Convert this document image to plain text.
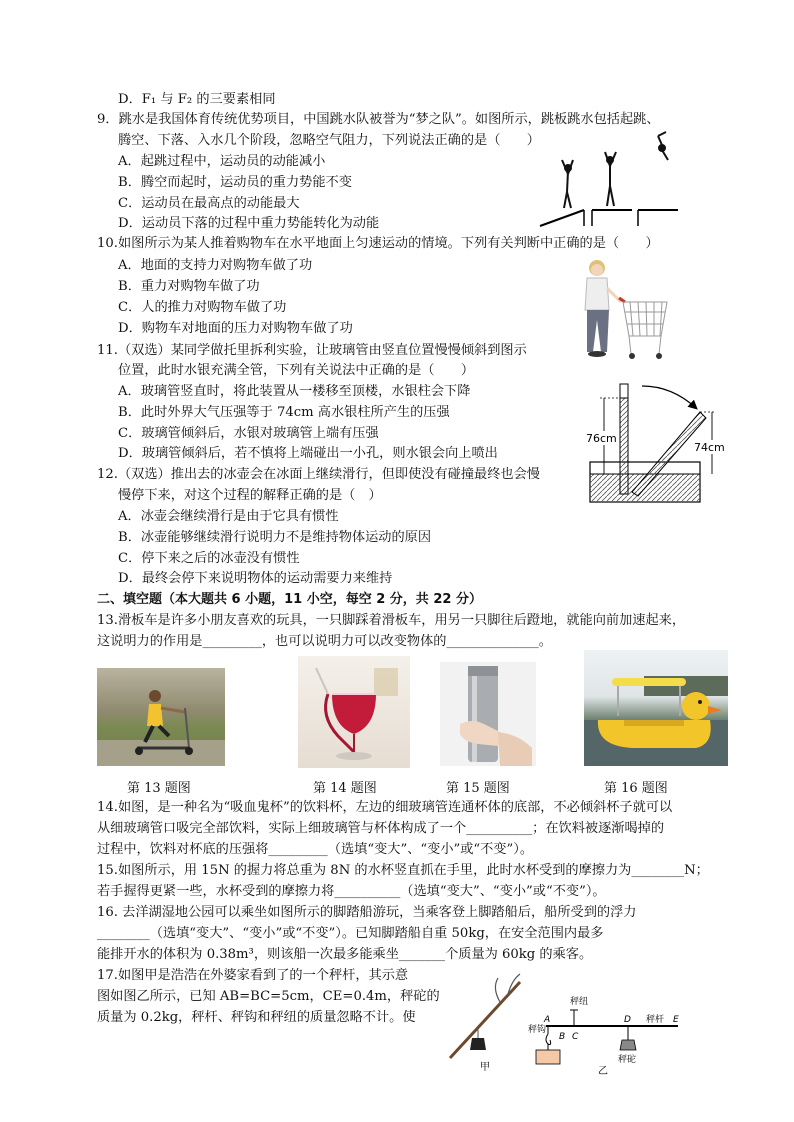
D．F₁ 与 F₂ 的三要素相同
9．跳水是我国体育传统优势项目，中国跳水队被誉为“梦之队”。如图所示，跳板跳水包括起跳、
腾空、下落、入水几个阶段，忽略空气阻力，下列说法正确的是（　　）
A．起跳过程中，运动员的动能减小
B．腾空而起时，运动员的重力势能不变
C．运动员在最高点的动能最大
D．运动员下落的过程中重力势能转化为动能
10.如图所示为某人推着购物车在水平地面上匀速运动的情境。下列有关判断中正确的是（　　）
A．地面的支持力对购物车做了功
B．重力对购物车做了功
C．人的推力对购物车做了功
D．购物车对地面的压力对购物车做了功
11.（双选）某同学做托里拆利实验，让玻璃管由竖直位置慢慢倾斜到图示
位置，此时水银充满全管，下列有关说法中正确的是（　　）
A．玻璃管竖直时，将此装置从一楼移至顶楼，水银柱会下降
B．此时外界大气压强等于 74cm 高水银柱所产生的压强
C．玻璃管倾斜后，水银对玻璃管上端有压强
D．玻璃管倾斜后，若不慎将上端碰出一小孔，则水银会向上喷出
76cm
74cm
12.（双选）推出去的冰壶会在冰面上继续滑行，但即使没有碰撞最终也会慢
慢停下来，对这个过程的解释正确的是（　）
A．冰壶会继续滑行是由于它具有惯性
B．冰壶能够继续滑行说明力不是维持物体运动的原因
C．停下来之后的冰壶没有惯性
D．最终会停下来说明物体的运动需要力来维持
二、填空题（本大题共 6 小题，11 小空，每空 2 分，共 22 分）
13.滑板车是许多小朋友喜欢的玩具，一只脚踩着滑板车，用另一只脚往后蹬地，就能向前加速起来，
这说明力的作用是_________，也可以说明力可以改变物体的______________。
第 13 题图	第 14 题图	第 15 题图	第 16 题图
14.如图，是一种名为“吸血鬼杯”的饮料杯，左边的细玻璃管连通杯体的底部，不必倾斜杯子就可以
从细玻璃管口吸完全部饮料，实际上细玻璃管与杯体构成了一个__________；在饮料被逐渐喝掉的
过程中，饮料对杯底的压强将_________（选填“变大”、“变小”或“不变”）。
15.如图所示，用 15N 的握力将总重为 8N 的水杯竖直抓在手里，此时水杯受到的摩擦力为________N；
若手握得更紧一些，水杯受到的摩擦力将__________（选填“变大”、“变小”或“不变”）。
16. 去洋湖湿地公园可以乘坐如图所示的脚踏船游玩，当乘客登上脚踏船后，船所受到的浮力
________（选填“变大”、“变小”或“不变”）。已知脚踏船自重 50kg，在安全范围内最多
能排开水的体积为 0.38m³，则该船一次最多能乘坐_______个质量为 60kg 的乘客。
17.如图甲是浩浩在外婆家看到了的一个秤杆，其示意
图如图乙所示，已知 AB=BC=5cm，CE=0.4m，秤砣的
质量为 0.2kg，秤杆、秤钩和秤纽的质量忽略不计。使
甲
A
B C
D	E
秤纽
秤杆
秤钩
秤砣
乙
